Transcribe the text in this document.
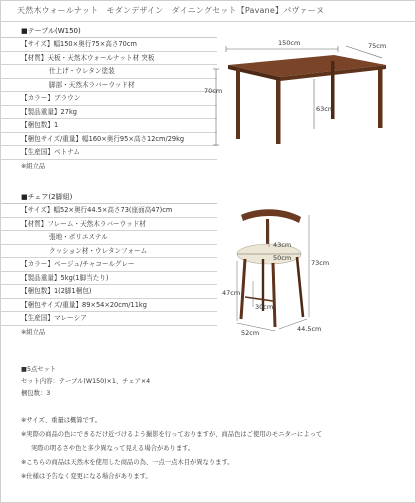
天然木ウォールナット　モダンデザイン　ダイニングセット【Pavane】パヴァーヌ
■テーブル(W150)
【サイズ】幅150×奥行75×高さ70cm
【材質】天板・天然木ウォールナット材 突板
仕上げ・ウレタン塗装
脚部・天然木ラバーウッド材
【カラー】ブラウン
【製品重量】27kg
【梱包数】1
【梱包サイズ/重量】幅160×奥行95×高さ12cm/29kg
【生産国】ベトナム
※組立品
150cm	75cm
70cm
63cm
■チェア(2脚組)
【サイズ】幅52×奥行44.5×高さ73(座面高47)cm
【材質】フレーム・天然木ラバーウッド材
張地・ポリエステル
クッション材・ウレタンフォーム
【カラー】ベージュ/チャコールグレー
【製品重量】5kg(1脚当たり)
【梱包数】1(2脚1梱包)
【梱包サイズ/重量】89×54×20cm/11kg
【生産国】マレーシア
※組立品
43cm
50cm
73cm
47cm
30cm
52cm	44.5cm
■5点セット
セット内容：テーブル(W150)×1、チェア×4
梱包数：3
※サイズ、重量は概算です。
※実際の商品の色にできるだけ近づけるよう撮影を行っておりますが、商品色はご使用のモニターによって
実際の明るさや色と多少異なって見える場合があります。
※こちらの商品は天然木を使用した商品の為、一点一点木目が異なります。
※仕様は予告なく変更になる場合があります。
